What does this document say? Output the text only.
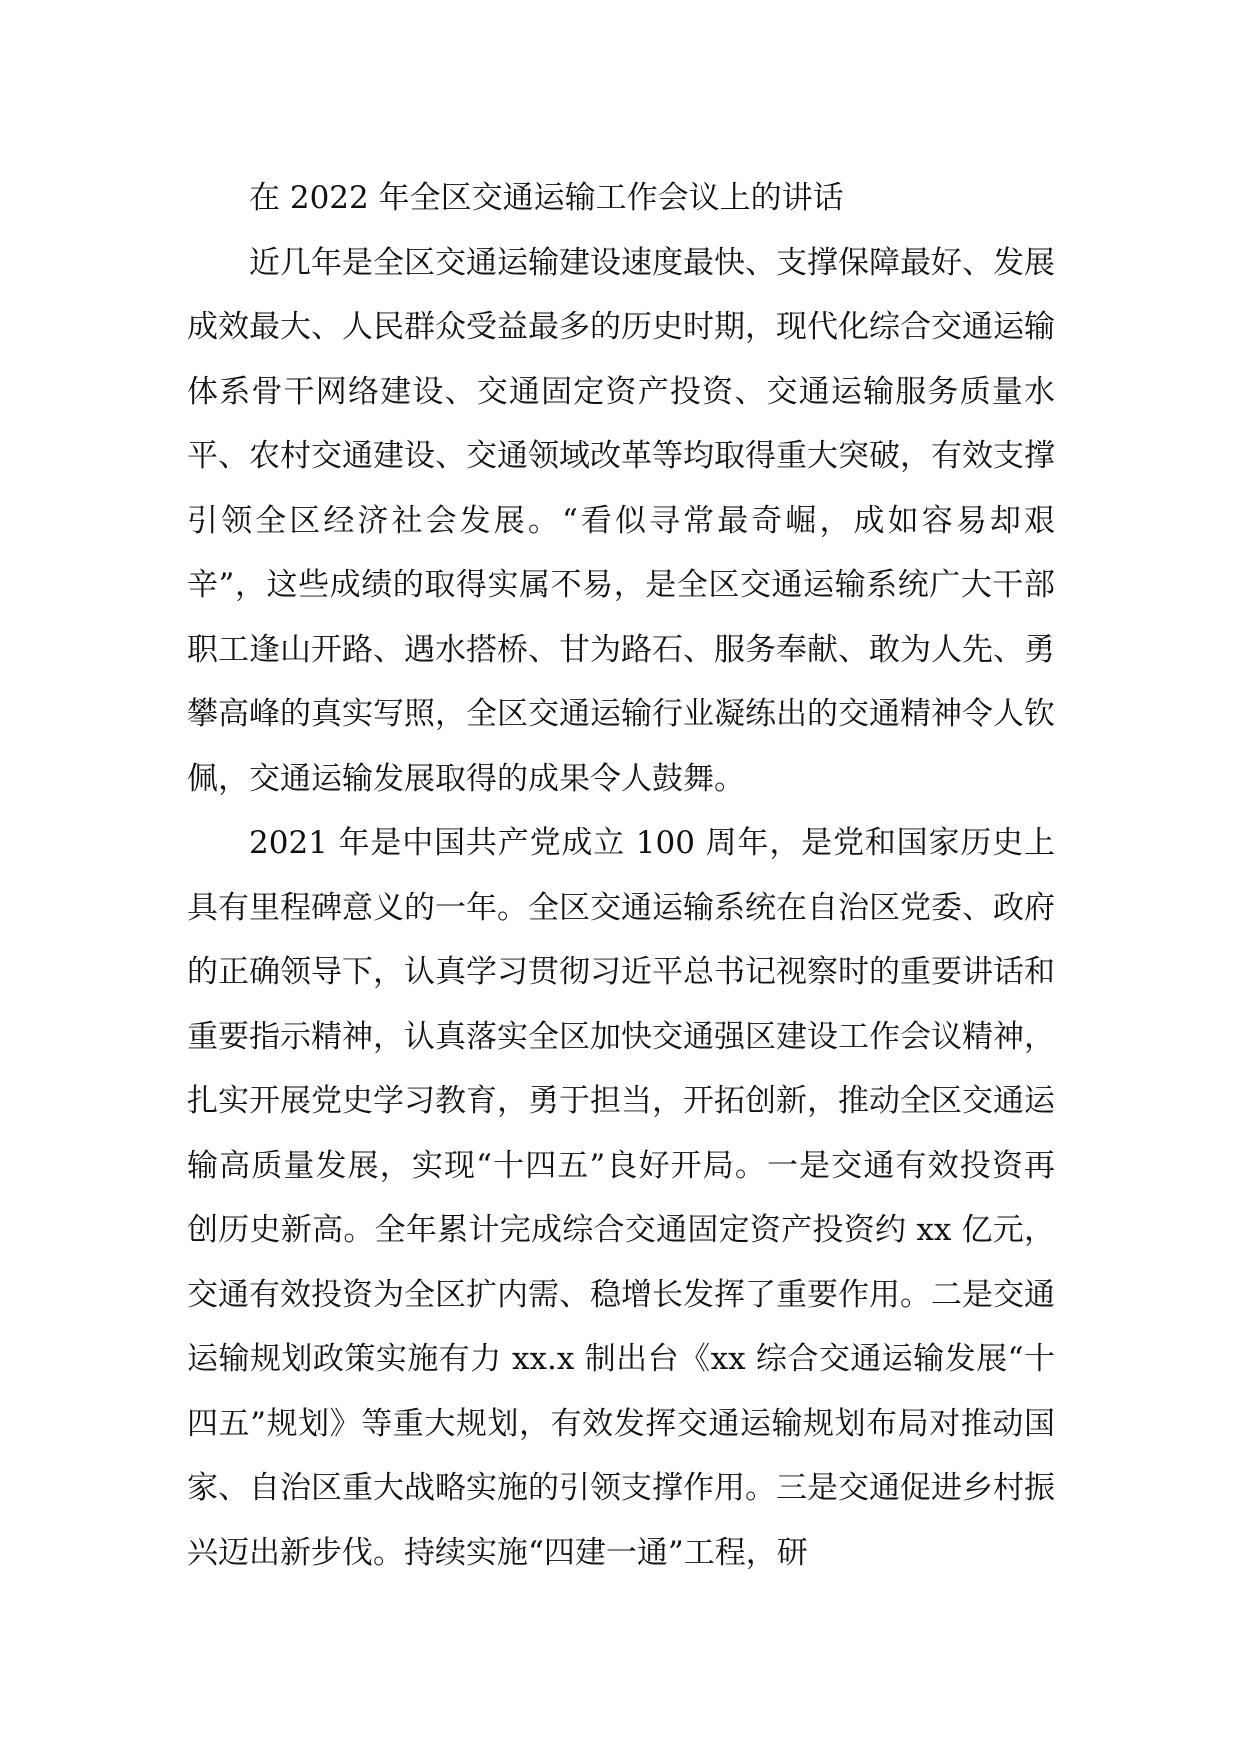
在 2022 年全区交通运输工作会议上的讲话

近几年是全区交通运输建设速度最快、支撑保障最好、发展成效最大、人民群众受益最多的历史时期，现代化综合交通运输体系骨干网络建设、交通固定资产投资、交通运输服务质量水平、农村交通建设、交通领域改革等均取得重大突破，有效支撑引领全区经济社会发展。“看似寻常最奇崛，成如容易却艰辛”，这些成绩的取得实属不易，是全区交通运输系统广大干部职工逢山开路、遇水搭桥、甘为路石、服务奉献、敢为人先、勇攀高峰的真实写照，全区交通运输行业凝练出的交通精神令人钦佩，交通运输发展取得的成果令人鼓舞。

2021 年是中国共产党成立 100 周年，是党和国家历史上具有里程碑意义的一年。全区交通运输系统在自治区党委、政府的正确领导下，认真学习贯彻习近平总书记视察时的重要讲话和重要指示精神，认真落实全区加快交通强区建设工作会议精神，扎实开展党史学习教育，勇于担当，开拓创新，推动全区交通运输高质量发展，实现“十四五”良好开局。一是交通有效投资再创历史新高。全年累计完成综合交通固定资产投资约 xx 亿元，交通有效投资为全区扩内需、稳增长发挥了重要作用。二是交通运输规划政策实施有力 xx.x 制出台《xx 综合交通运输发展“十四五”规划》等重大规划，有效发挥交通运输规划布局对推动国家、自治区重大战略实施的引领支撑作用。三是交通促进乡村振兴迈出新步伐。持续实施“四建一通”工程，研
